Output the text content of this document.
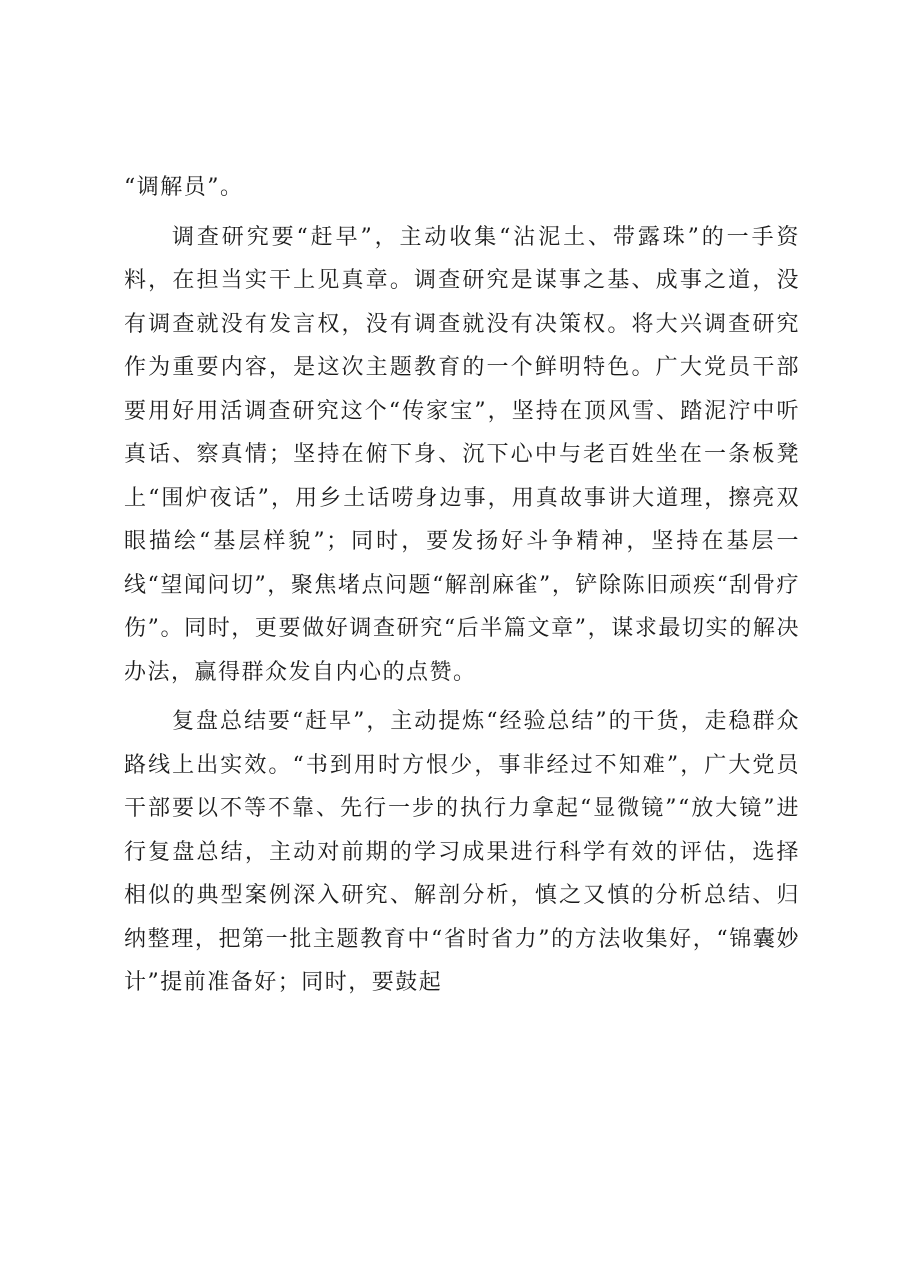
“调解员”。

调查研究要“赶早”，主动收集“沾泥土、带露珠”的一手资料，在担当实干上见真章。调查研究是谋事之基、成事之道，没有调查就没有发言权，没有调查就没有决策权。将大兴调查研究作为重要内容，是这次主题教育的一个鲜明特色。广大党员干部要用好用活调查研究这个“传家宝”，坚持在顶风雪、踏泥泞中听真话、察真情；坚持在俯下身、沉下心中与老百姓坐在一条板凳上“围炉夜话”，用乡土话唠身边事，用真故事讲大道理，擦亮双眼描绘“基层样貌”；同时，要发扬好斗争精神，坚持在基层一线“望闻问切”，聚焦堵点问题“解剖麻雀”，铲除陈旧顽疾“刮骨疗伤”。同时，更要做好调查研究“后半篇文章”，谋求最切实的解决办法，赢得群众发自内心的点赞。

复盘总结要“赶早”，主动提炼“经验总结”的干货，走稳群众路线上出实效。“书到用时方恨少，事非经过不知难”，广大党员干部要以不等不靠、先行一步的执行力拿起“显微镜”“放大镜”进行复盘总结，主动对前期的学习成果进行科学有效的评估，选择相似的典型案例深入研究、解剖分析，慎之又慎的分析总结、归纳整理，把第一批主题教育中“省时省力”的方法收集好，“锦囊妙计”提前准备好；同时，要鼓起
